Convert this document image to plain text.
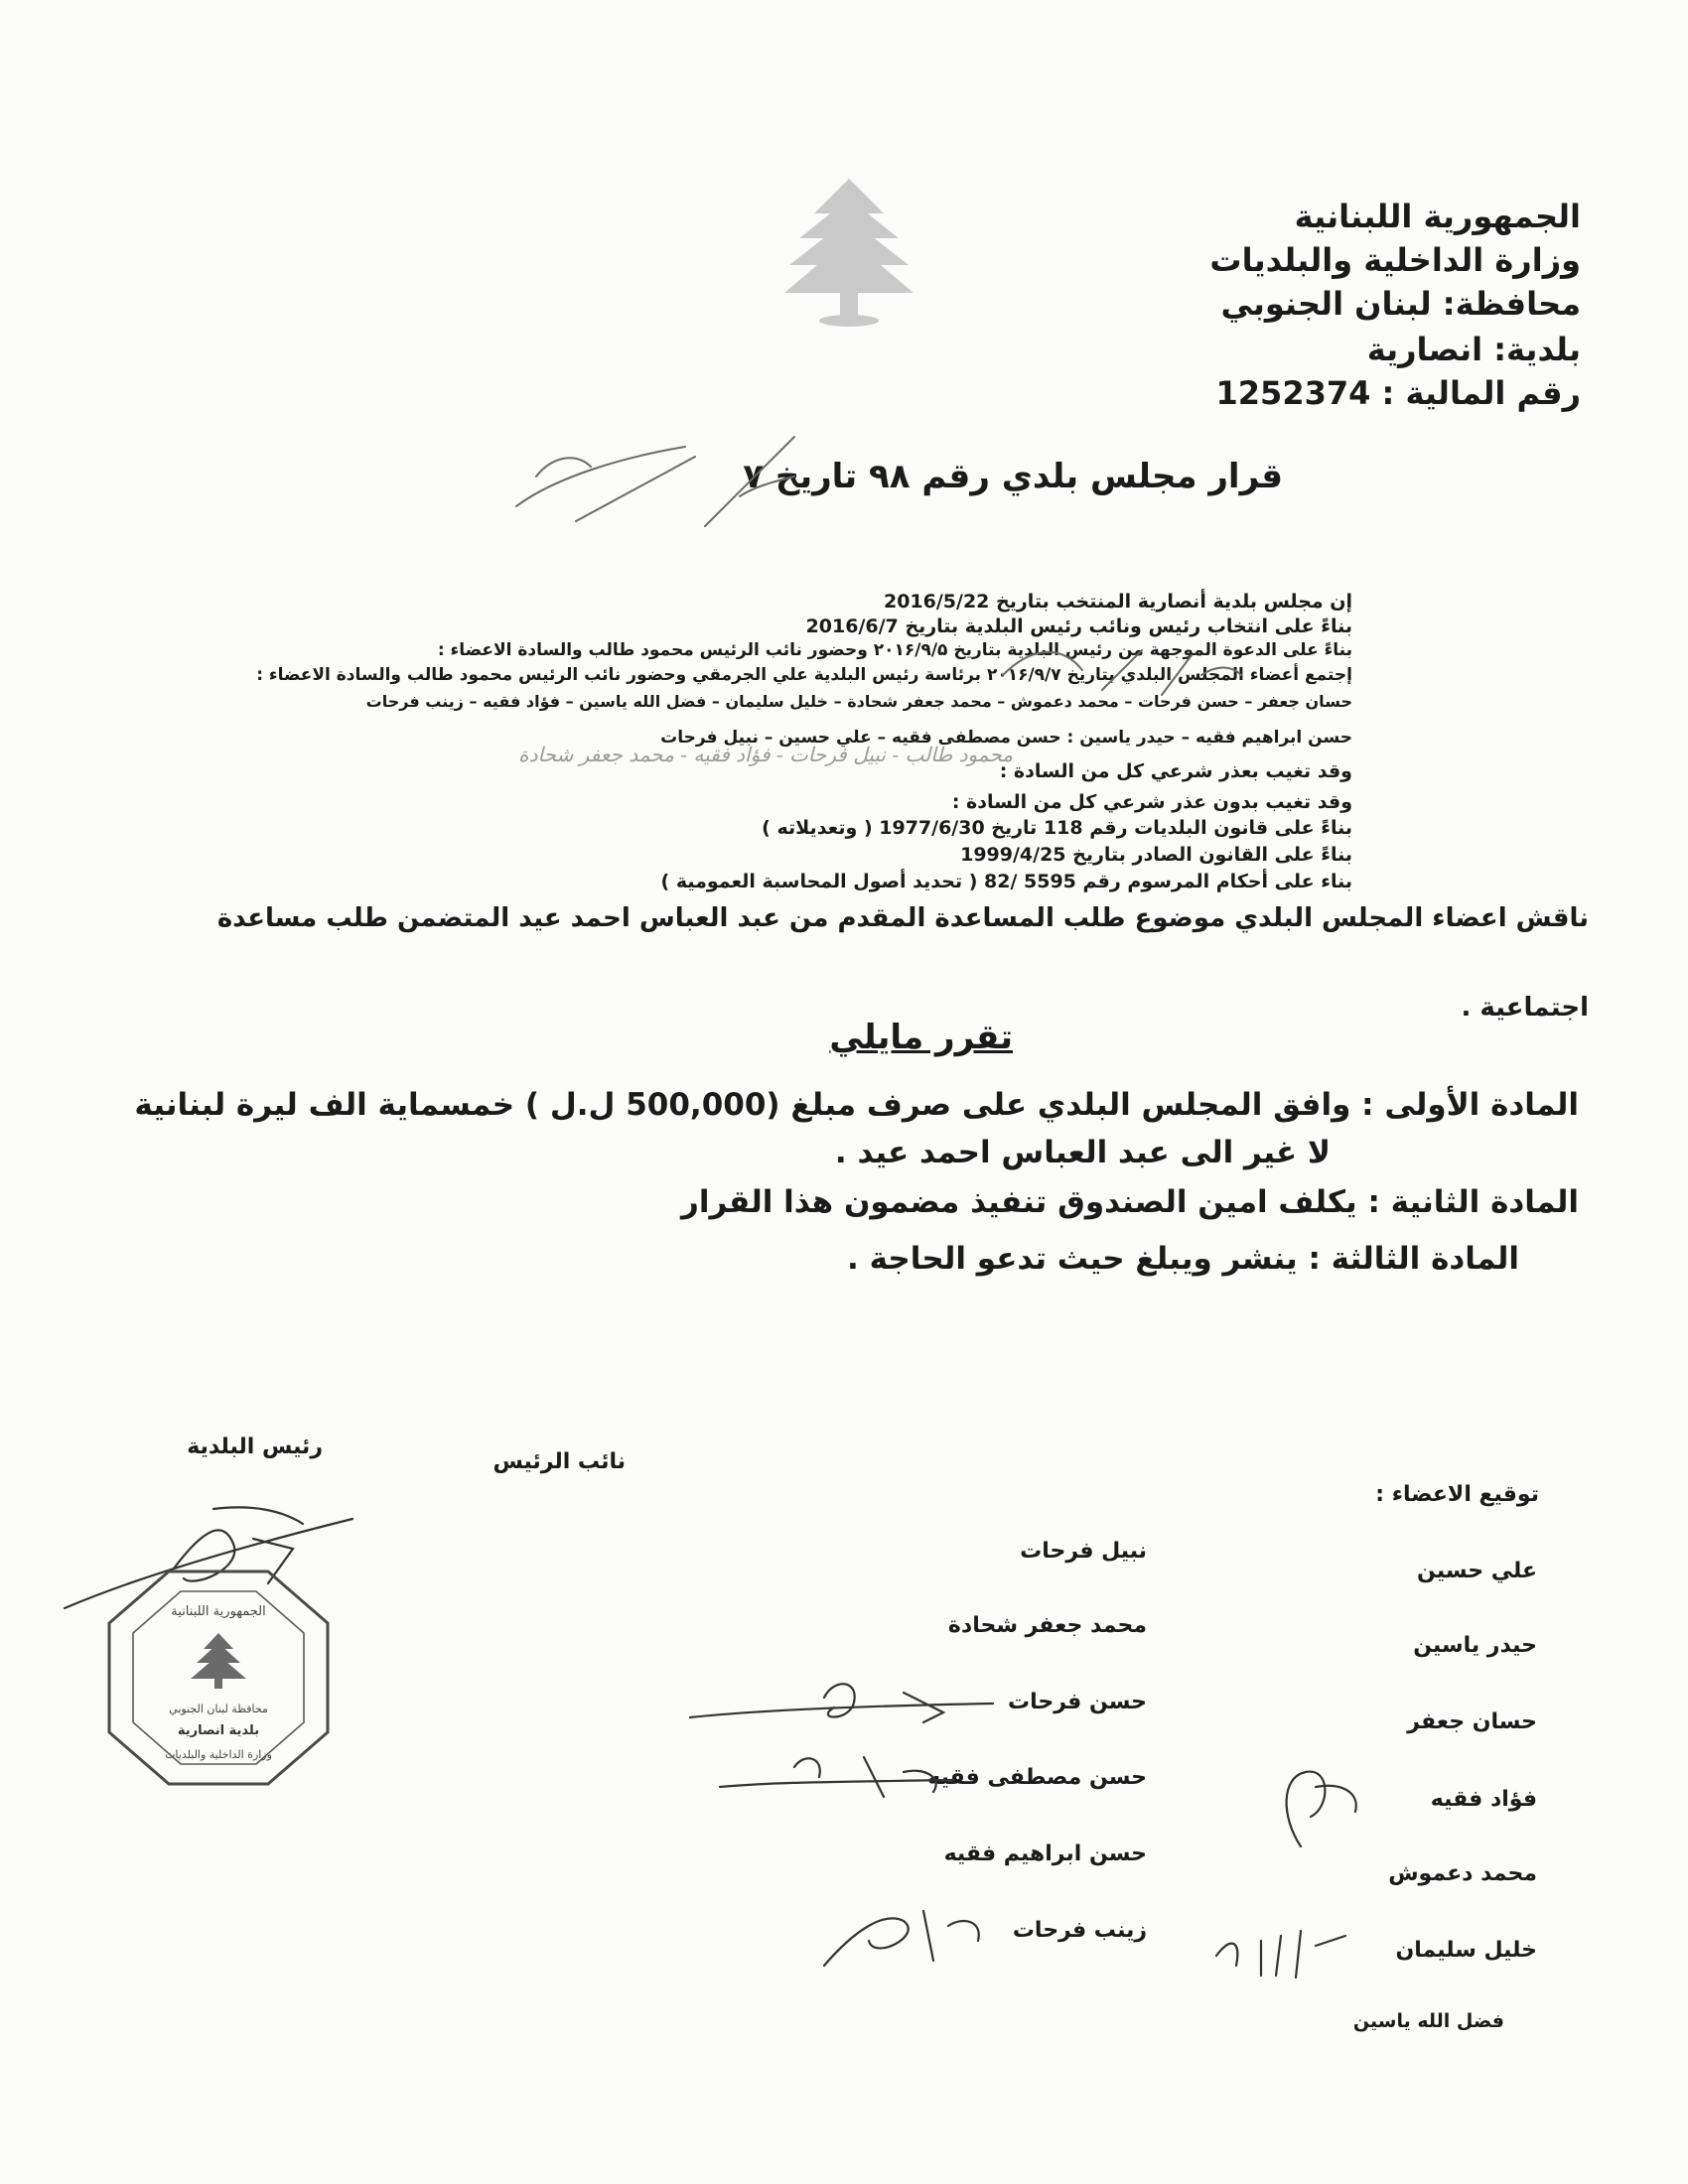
الجمهورية اللبنانية
وزارة الداخلية والبلديات
محافظة: لبنان الجنوبي
بلدية: انصارية
رقم المالية : 1252374
قرار مجلس بلدي رقم ۹۸ تاريخ ۷
إن مجلس بلدية أنصارية المنتخب بتاريخ 2016/5/22
بناءً على انتخاب رئيس ونائب رئيس البلدية بتاريخ 2016/6/7
بناءً على الدعوة الموجهة من رئيس البلدية بتاريخ ۲۰۱۶/۹/۵ وحضور نائب الرئيس محمود طالب والسادة الاعضاء :
إجتمع أعضاء المجلس البلدي بتاريخ ۲۰۱۶/۹/۷ برئاسة رئيس البلدية علي الجرمقي وحضور نائب الرئيس محمود طالب والسادة الاعضاء :
حسان جعفر – حسن فرحات – محمد دعموش – محمد جعفر شحادة – خليل سليمان – فضل الله ياسين – فؤاد فقيه – زينب فرحات
حسن ابراهيم فقيه – حيدر ياسين : حسن مصطفى فقيه – علي حسين – نبيل فرحات
وقد تغيب بعذر شرعي كل من السادة :
محمود طالب - نبيل فرحات - فؤاد فقيه - محمد جعفر شحادة
وقد تغيب بدون عذر شرعي كل من السادة :
بناءً على قانون البلديات رقم 118 تاريخ 1977/6/30 ( وتعديلاته )
بناءً على القانون الصادر بتاريخ 1999/4/25
بناء على أحكام المرسوم رقم 5595 /82 ( تحديد أصول المحاسبة العمومية )
ناقش اعضاء المجلس البلدي موضوع طلب المساعدة المقدم من عبد العباس احمد عيد المتضمن طلب مساعدة
اجتماعية .
تقرر مايلي
المادة الأولى : وافق المجلس البلدي على صرف مبلغ (500,000 ل.ل ) خمسماية الف ليرة لبنانية
لا غير الى عبد العباس احمد عيد .
المادة الثانية : يكلف امين الصندوق تنفيذ مضمون هذا القرار
المادة الثالثة : ينشر ويبلغ حيث تدعو الحاجة .
رئيس البلدية
نائب الرئيس
توقيع الاعضاء :
نبيل فرحات
محمد جعفر شحادة
حسن فرحات
حسن مصطفى فقيه
حسن ابراهيم فقيه
زينب فرحات
علي حسين
حيدر ياسين
حسان جعفر
فؤاد فقيه
محمد دعموش
خليل سليمان
فضل الله ياسين
محافظة لبنان الجنوبي
بلدية انصارية
الجمهورية اللبنانية
وزارة الداخلية والبلديات
